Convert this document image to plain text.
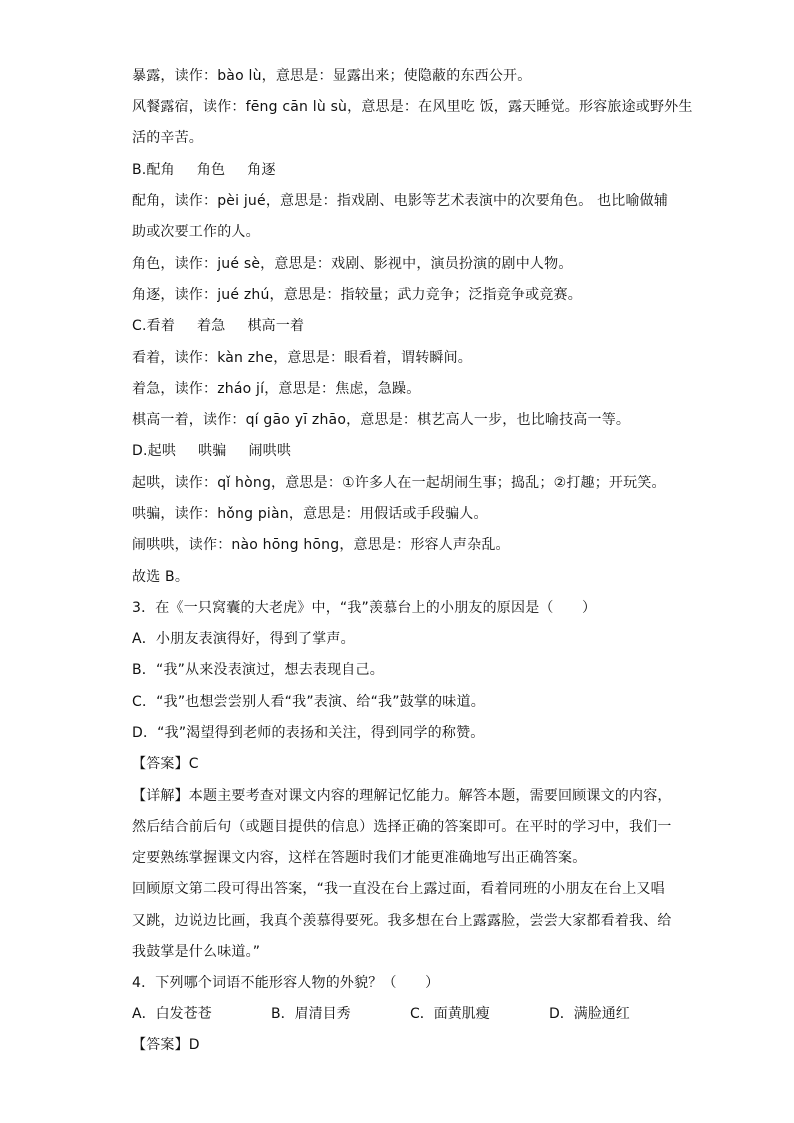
暴露，读作：bào lù，意思是：显露出来；使隐蔽的东西公开。
风餐露宿，读作：fēng cān lù sù，意思是：在风里吃 饭，露天睡觉。形容旅途或野外生
活的辛苦。
B.配角 角色 角逐
配角，读作：pèi jué，意思是：指戏剧、电影等艺术表演中的次要角色。 也比喻做辅
助或次要工作的人。
角色，读作：jué sè，意思是：戏剧、影视中，演员扮演的剧中人物。
角逐，读作：jué zhú，意思是：指较量；武力竞争；泛指竞争或竞赛。
C.看着 着急 棋高一着
看着，读作：kàn zhe，意思是：眼看着，谓转瞬间。
着急，读作：zháo jí，意思是：焦虑，急躁。
棋高一着，读作：qí gāo yī zhāo，意思是：棋艺高人一步，也比喻技高一等。
D.起哄 哄骗 闹哄哄
起哄，读作：qǐ hòng，意思是：①许多人在一起胡闹生事；捣乱；②打趣；开玩笑。
哄骗，读作：hǒng piàn，意思是：用假话或手段骗人。
闹哄哄，读作：nào hōng hōng，意思是：形容人声杂乱。
故选 B。
3．在《一只窝囊的大老虎》中，“我”羡慕台上的小朋友的原因是（　　）
A．小朋友表演得好，得到了掌声。
B．“我”从来没表演过，想去表现自己。
C．“我”也想尝尝别人看“我”表演、给“我”鼓掌的味道。
D．“我”渴望得到老师的表扬和关注，得到同学的称赞。
【答案】C
【详解】本题主要考查对课文内容的理解记忆能力。解答本题，需要回顾课文的内容，
然后结合前后句（或题目提供的信息）选择正确的答案即可。在平时的学习中，我们一
定要熟练掌握课文内容，这样在答题时我们才能更准确地写出正确答案。
回顾原文第二段可得出答案，“我一直没在台上露过面，看着同班的小朋友在台上又唱
又跳，边说边比画，我真个羡慕得要死。我多想在台上露露脸，尝尝大家都看着我、给
我鼓掌是什么味道。”
4．下列哪个词语不能形容人物的外貌？（　　）
A．白发苍苍	B．眉清目秀	C．面黄肌瘦	D．满脸通红
【答案】D
